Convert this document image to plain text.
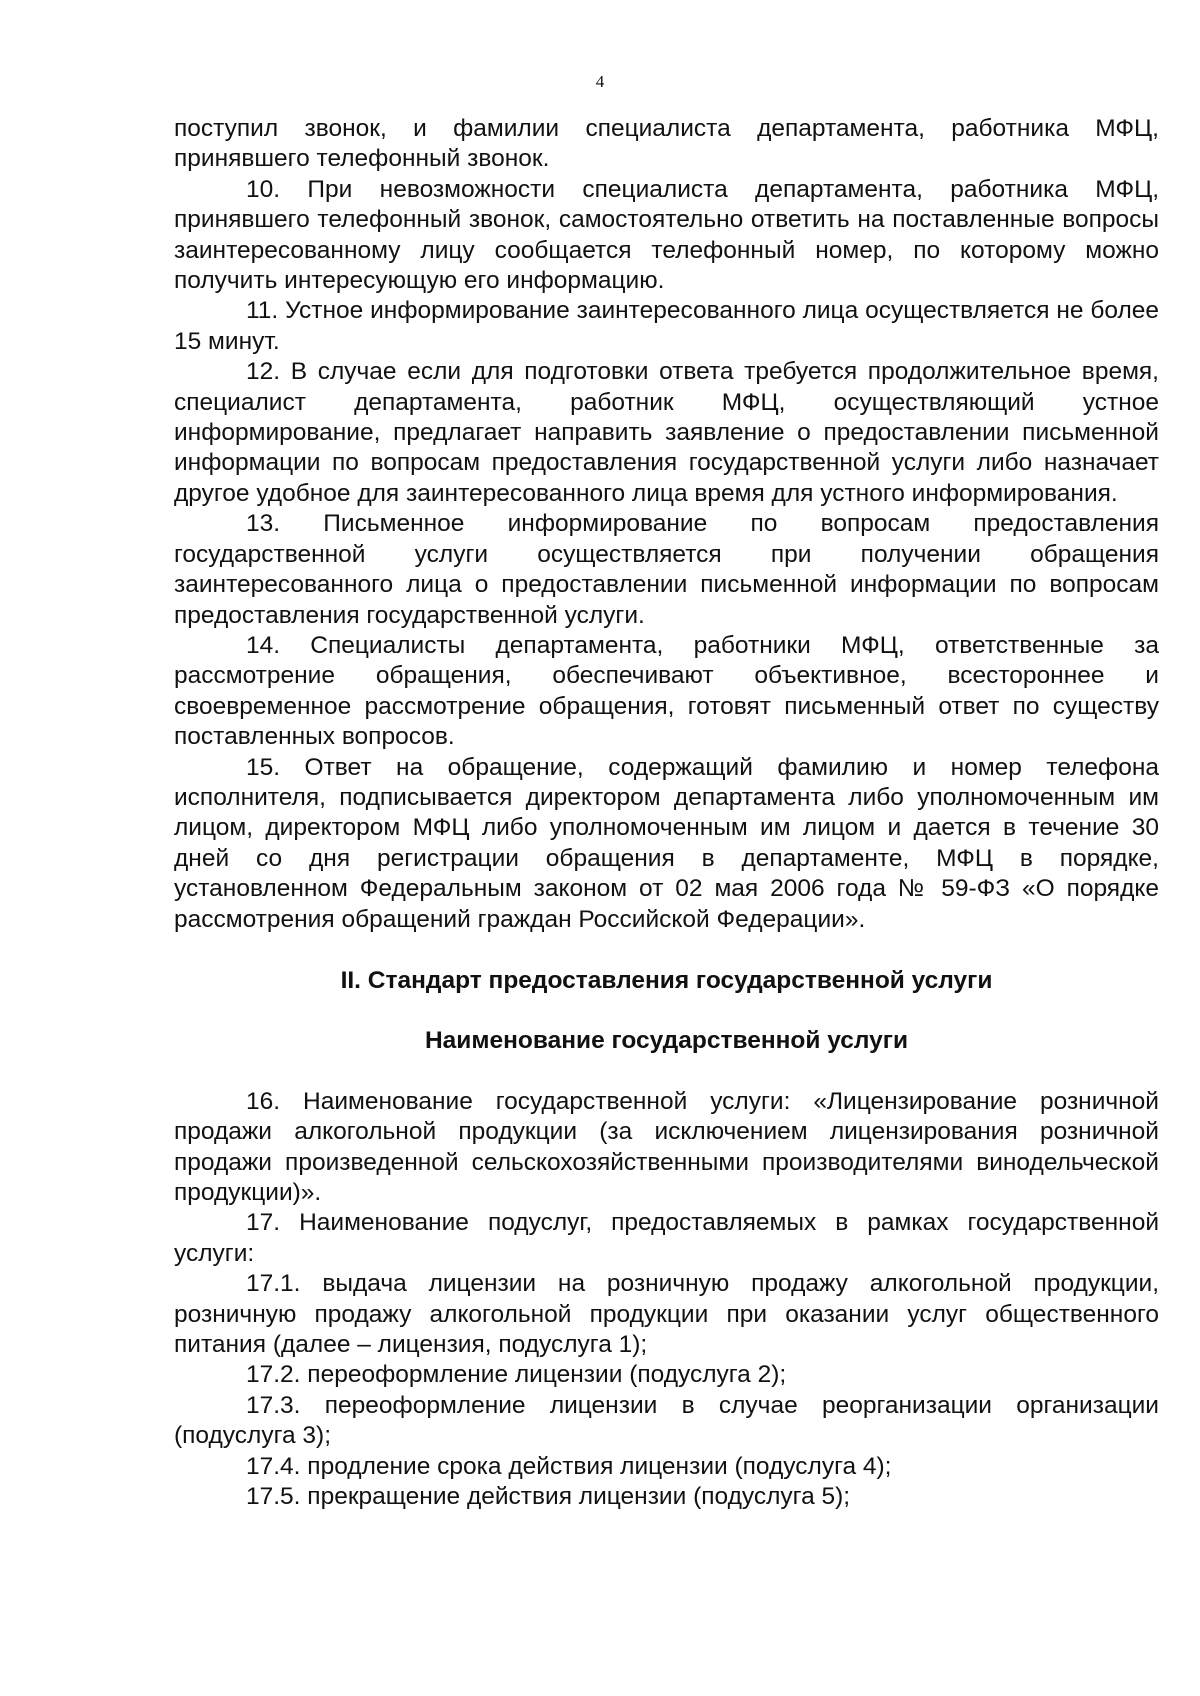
4

поступил звонок, и фамилии специалиста департамента, работника МФЦ, принявшего телефонный звонок.

10. При невозможности специалиста департамента, работника МФЦ, принявшего телефонный звонок, самостоятельно ответить на поставленные вопросы заинтересованному лицу сообщается телефонный номер, по которому можно получить интересующую его информацию.

11. Устное информирование заинтересованного лица осуществляется не более 15 минут.

12. В случае если для подготовки ответа требуется продолжительное время, специалист департамента, работник МФЦ, осуществляющий устное информирование, предлагает направить заявление о предоставлении письменной информации по вопросам предоставления государственной услуги либо назначает другое удобное для заинтересованного лица время для устного информирования.

13. Письменное информирование по вопросам предоставления государственной услуги осуществляется при получении обращения заинтересованного лица о предоставлении письменной информации по вопросам предоставления государственной услуги.

14. Специалисты департамента, работники МФЦ, ответственные за рассмотрение обращения, обеспечивают объективное, всестороннее и своевременное рассмотрение обращения, готовят письменный ответ по существу поставленных вопросов.

15. Ответ на обращение, содержащий фамилию и номер телефона исполнителя, подписывается директором департамента либо уполномоченным им лицом, директором МФЦ либо уполномоченным им лицом и дается в течение 30 дней со дня регистрации обращения в департаменте, МФЦ в порядке, установленном Федеральным законом от 02 мая 2006 года № 59-ФЗ «О порядке рассмотрения обращений граждан Российской Федерации».

II. Стандарт предоставления государственной услуги
Наименование государственной услуги

16. Наименование государственной услуги: «Лицензирование розничной продажи алкогольной продукции (за исключением лицензирования розничной продажи произведенной сельскохозяйственными производителями винодельческой продукции)».

17. Наименование подуслуг, предоставляемых в рамках государственной услуги:

17.1. выдача лицензии на розничную продажу алкогольной продукции, розничную продажу алкогольной продукции при оказании услуг общественного питания (далее – лицензия, подуслуга 1);

17.2. переоформление лицензии (подуслуга 2);

17.3. переоформление лицензии в случае реорганизации организации (подуслуга 3);

17.4. продление срока действия лицензии (подуслуга 4);

17.5. прекращение действия лицензии (подуслуга 5);
